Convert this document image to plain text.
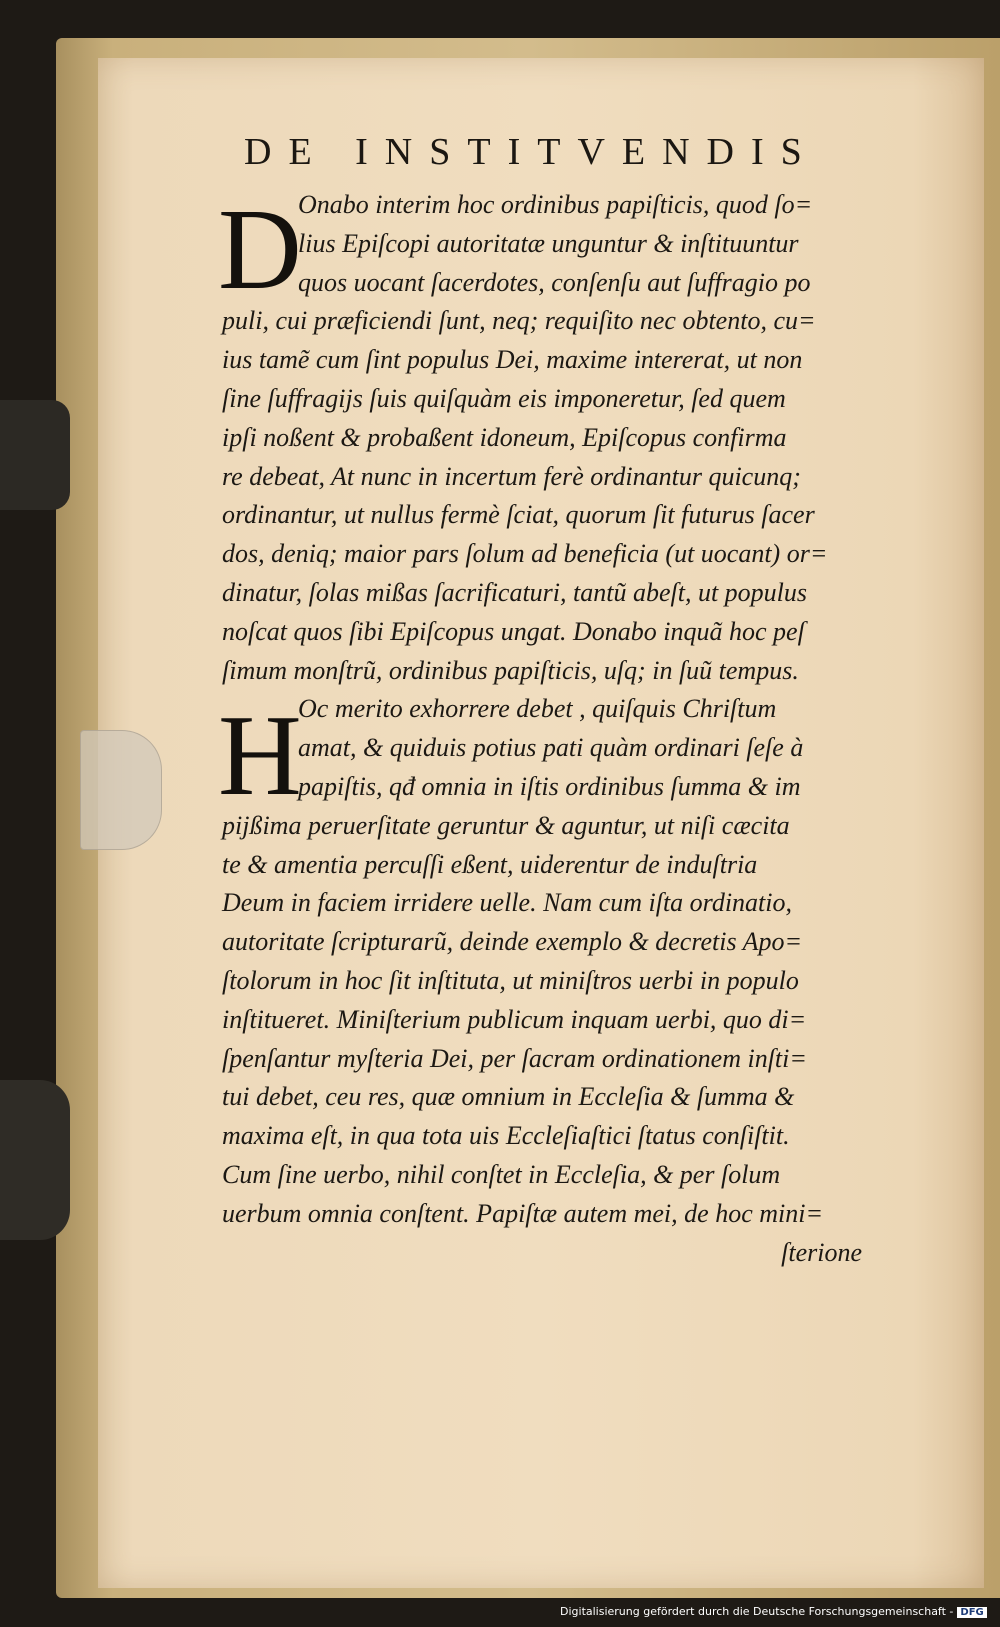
DE INSTITVENDIS
D
H
Onabo interim hoc ordinibus papiſticis, quod ſo=
lius Epiſcopi autoritatæ unguntur & inſtituuntur
quos uocant ſacerdotes, conſenſu aut ſuffragio po
puli, cui præficiendi ſunt, neq; requiſito nec obtento, cu=
ius tamẽ cum ſint populus Dei, maxime intererat, ut non
ſine ſuffragijs ſuis quiſquàm eis imponeretur, ſed quem
ipſi noßent & probaßent idoneum, Epiſcopus confirma
re debeat, At nunc in incertum ferè ordinantur quicunq;
ordinantur, ut nullus fermè ſciat, quorum ſit futurus ſacer
dos, deniq; maior pars ſolum ad beneficia (ut uocant) or=
dinatur, ſolas mißas ſacrificaturi, tantũ abeſt, ut populus
noſcat quos ſibi Epiſcopus ungat. Donabo inquã hoc peſ
ſimum monſtrũ, ordinibus papiſticis, uſq; in ſuũ tempus.
Oc merito exhorrere debet , quiſquis Chriſtum
amat, & quiduis potius pati quàm ordinari ſeſe à
papiſtis, qđ omnia in iſtis ordinibus ſumma & im
pijßima peruerſitate geruntur & aguntur, ut niſi cæcita
te & amentia percuſſi eßent, uiderentur de induſtria
Deum in faciem irridere uelle. Nam cum iſta ordinatio,
autoritate ſcripturarũ, deinde exemplo & decretis Apo=
ſtolorum in hoc ſit inſtituta, ut miniſtros uerbi in populo
inſtitueret. Miniſterium publicum inquam uerbi, quo di=
ſpenſantur myſteria Dei, per ſacram ordinationem inſti=
tui debet, ceu res, quæ omnium in Eccleſia & ſumma &
maxima eſt, in qua tota uis Eccleſiaſtici ſtatus conſiſtit.
Cum ſine uerbo, nihil conſtet in Eccleſia, & per ſolum
uerbum omnia conſtent. Papiſtæ autem mei, de hoc mini=
ſterione
Digitalisierung gefördert durch die Deutsche Forschungsgemeinschaft - DFG
